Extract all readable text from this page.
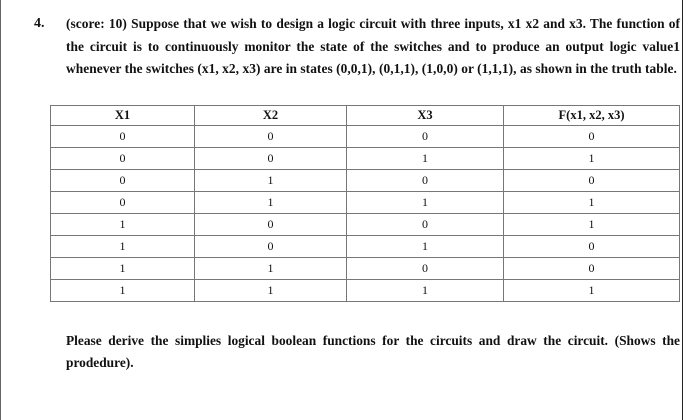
4. (score: 10) Suppose that we wish to design a logic circuit with three inputs, x1 x2 and x3. The function of the circuit is to continuously monitor the state of the switches and to produce an output logic value1 whenever the switches (x1, x2, x3) are in states (0,0,1), (0,1,1), (1,0,0) or (1,1,1), as shown in the truth table.
X1	X2	X3	F(x1, x2, x3)
0	0	0	0
0	0	1	1
0	1	0	0
0	1	1	1
1	0	0	1
1	0	1	0
1	1	0	0
1	1	1	1
Please derive the simplies logical boolean functions for the circuits and draw the circuit. (Shows the prodedure).
